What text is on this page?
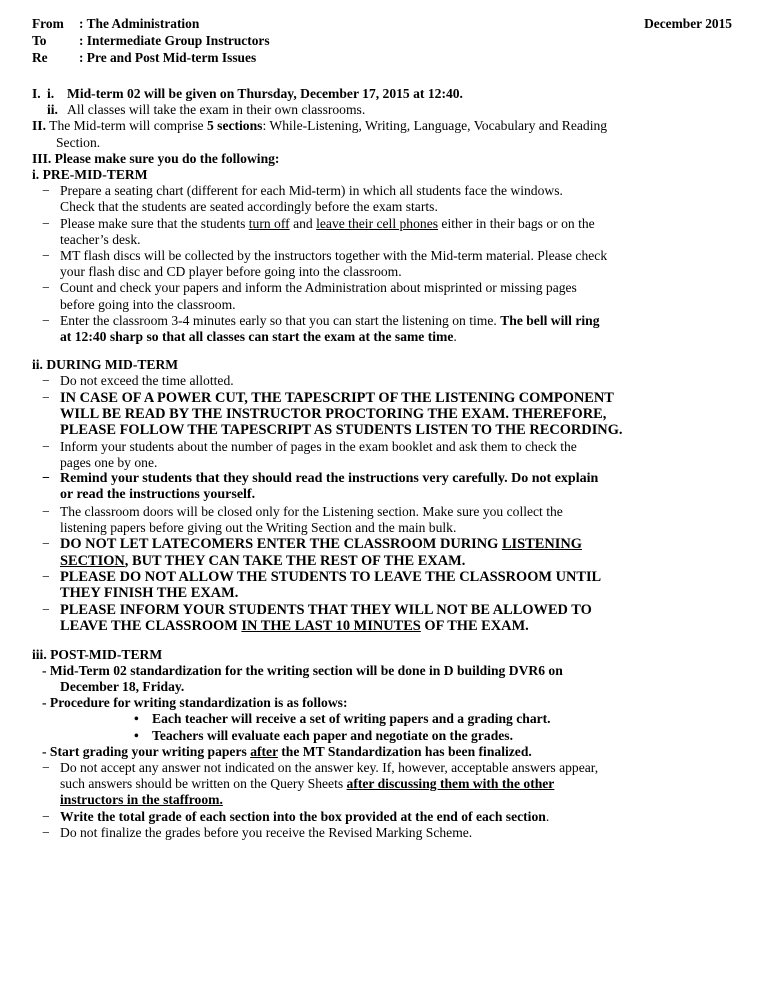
From	: The Administration
To	: Intermediate Group Instructors
Re	: Pre and Post Mid-term Issues
December 2015
I. i. Mid-term 02 will be given on Thursday, December 17, 2015 at 12:40.
ii. All classes will take the exam in their own classrooms.
II. The Mid-term will comprise 5 sections: While-Listening, Writing, Language, Vocabulary and Reading
Section.
III. Please make sure you do the following:
i. PRE-MID-TERM
− Prepare a seating chart (different for each Mid-term) in which all students face the windows.
Check that the students are seated accordingly before the exam starts.
− Please make sure that the students turn off and leave their cell phones either in their bags or on the
teacher’s desk.
− MT flash discs will be collected by the instructors together with the Mid-term material. Please check
your flash disc and CD player before going into the classroom.
− Count and check your papers and inform the Administration about misprinted or missing pages
before going into the classroom.
− Enter the classroom 3-4 minutes early so that you can start the listening on time. The bell will ring
at 12:40 sharp so that all classes can start the exam at the same time.
ii. DURING MID-TERM
− Do not exceed the time allotted.
− IN CASE OF A POWER CUT, THE TAPESCRIPT OF THE LISTENING COMPONENT
WILL BE READ BY THE INSTRUCTOR PROCTORING THE EXAM. THEREFORE,
PLEASE FOLLOW THE TAPESCRIPT AS STUDENTS LISTEN TO THE RECORDING.
− Inform your students about the number of pages in the exam booklet and ask them to check the
pages one by one.
− Remind your students that they should read the instructions very carefully. Do not explain
or read the instructions yourself.
− The classroom doors will be closed only for the Listening section. Make sure you collect the
listening papers before giving out the Writing Section and the main bulk.
− DO NOT LET LATECOMERS ENTER THE CLASSROOM DURING LISTENING
SECTION, BUT THEY CAN TAKE THE REST OF THE EXAM.
− PLEASE DO NOT ALLOW THE STUDENTS TO LEAVE THE CLASSROOM UNTIL
THEY FINISH THE EXAM.
− PLEASE INFORM YOUR STUDENTS THAT THEY WILL NOT BE ALLOWED TO
LEAVE THE CLASSROOM IN THE LAST 10 MINUTES OF THE EXAM.
iii. POST-MID-TERM
- Mid-Term 02 standardization for the writing section will be done in D building DVR6 on
December 18, Friday.
- Procedure for writing standardization is as follows:
• Each teacher will receive a set of writing papers and a grading chart.
• Teachers will evaluate each paper and negotiate on the grades.
- Start grading your writing papers after the MT Standardization has been finalized.
− Do not accept any answer not indicated on the answer key. If, however, acceptable answers appear,
such answers should be written on the Query Sheets after discussing them with the other
instructors in the staffroom.
− Write the total grade of each section into the box provided at the end of each section.
− Do not finalize the grades before you receive the Revised Marking Scheme.
